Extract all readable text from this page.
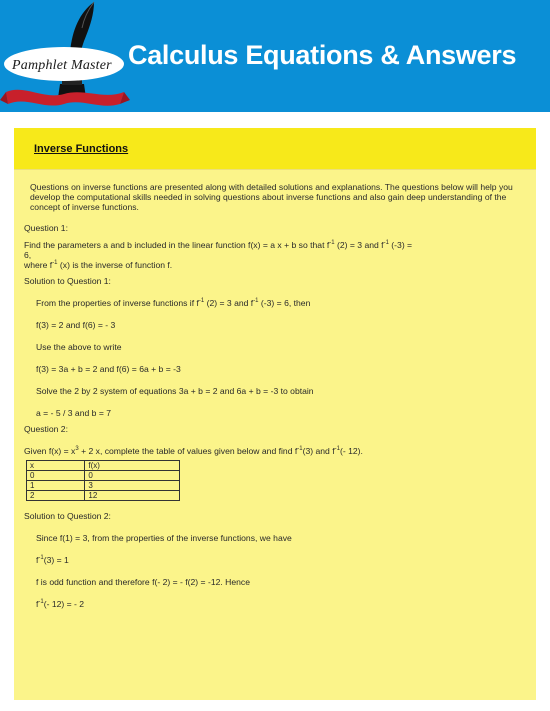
Pamphlet Master Calculus Equations & Answers
Inverse Functions

Questions on inverse functions are presented along with detailed solutions and explanations. The questions below will help you develop the computational skills needed in solving questions about inverse functions and also gain deep understanding of the concept of inverse functions.

Question 1:

Find the parameters a and b included in the linear function f(x) = a x + b so that $f^{-1}$ (2) = 3 and $f^{-1}$ (-3) =
6,

where $f^{-1}$ (x) is the inverse of function f.

Solution to Question 1:

From the properties of inverse functions if $f^{-1}$ (2) = 3 and $f^{-1}$ (-3) = 6, then

f(3) = 2 and f(6) = - 3

Use the above to write

f(3) = 3a + b = 2 and f(6) = 6a + b = -3

Solve the 2 by 2 system of equations 3a + b = 2 and 6a + b = -3 to obtain

a = - 5 / 3 and b = 7

Question 2:

Given $f(x) = x^3 + 2$ x, complete the table of values given below and find $f^{-1}(3)$ and $f^{-1}(-$ 12).

x	f(x)
0	0
1	3
2	12

Solution to Question 2:

Since f(1) = 3, from the properties of the inverse functions, we have

$f^{-1}(3) = 1$

f is odd function and therefore f(- 2) = - f(2) = -12. Hence

$f^{-1}(-$ 12) = - 2
